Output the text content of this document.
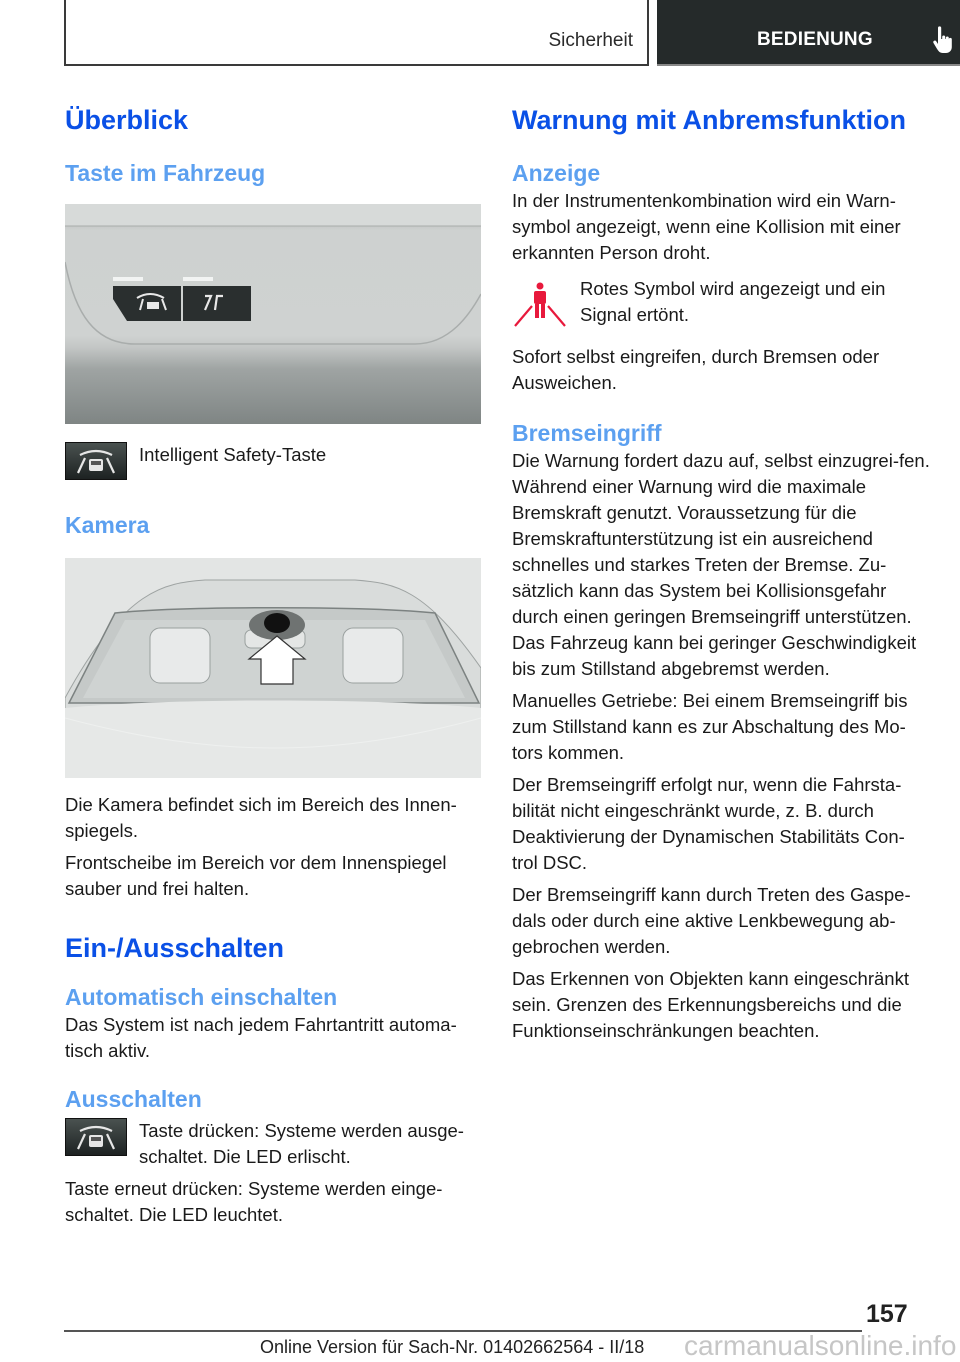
Sicherheit	BEDIENUNG
Überblick
Taste im Fahrzeug

Intelligent Safety-Taste

Kamera

Die Kamera befindet sich im Bereich des Innen-spiegels.

Frontscheibe im Bereich vor dem Innenspiegel sauber und frei halten.

Ein-/Ausschalten
Automatisch einschalten

Das System ist nach jedem Fahrtantritt automa-tisch aktiv.

Ausschalten

Taste drücken: Systeme werden ausge-schaltet. Die LED erlischt.

Taste erneut drücken: Systeme werden einge-schaltet. Die LED leuchtet.

Warnung mit Anbremsfunktion
Anzeige

In der Instrumentenkombination wird ein Warn-symbol angezeigt, wenn eine Kollision mit einer erkannten Person droht.

Rotes Symbol wird angezeigt und ein Signal ertönt.

Sofort selbst eingreifen, durch Bremsen oder Ausweichen.

Bremseingriff

Die Warnung fordert dazu auf, selbst einzugrei-fen. Während einer Warnung wird die maximale Bremskraft genutzt. Voraussetzung für die Bremskraftunterstützung ist ein ausreichend schnelles und starkes Treten der Bremse. Zu-sätzlich kann das System bei Kollisionsgefahr durch einen geringen Bremseingriff unterstützen. Das Fahrzeug kann bei geringer Geschwindigkeit bis zum Stillstand abgebremst werden.

Manuelles Getriebe: Bei einem Bremseingriff bis zum Stillstand kann es zur Abschaltung des Mo-tors kommen.

Der Bremseingriff erfolgt nur, wenn die Fahrsta-bilität nicht eingeschränkt wurde, z. B. durch Deaktivierung der Dynamischen Stabilitäts Con-trol DSC.

Der Bremseingriff kann durch Treten des Gaspe-dals oder durch eine aktive Lenkbewegung ab-gebrochen werden.

Das Erkennen von Objekten kann eingeschränkt sein. Grenzen des Erkennungsbereichs und die Funktionseinschränkungen beachten.

157
Online Version für Sach-Nr. 01402662564 - II/18 carmanualsonline.info
